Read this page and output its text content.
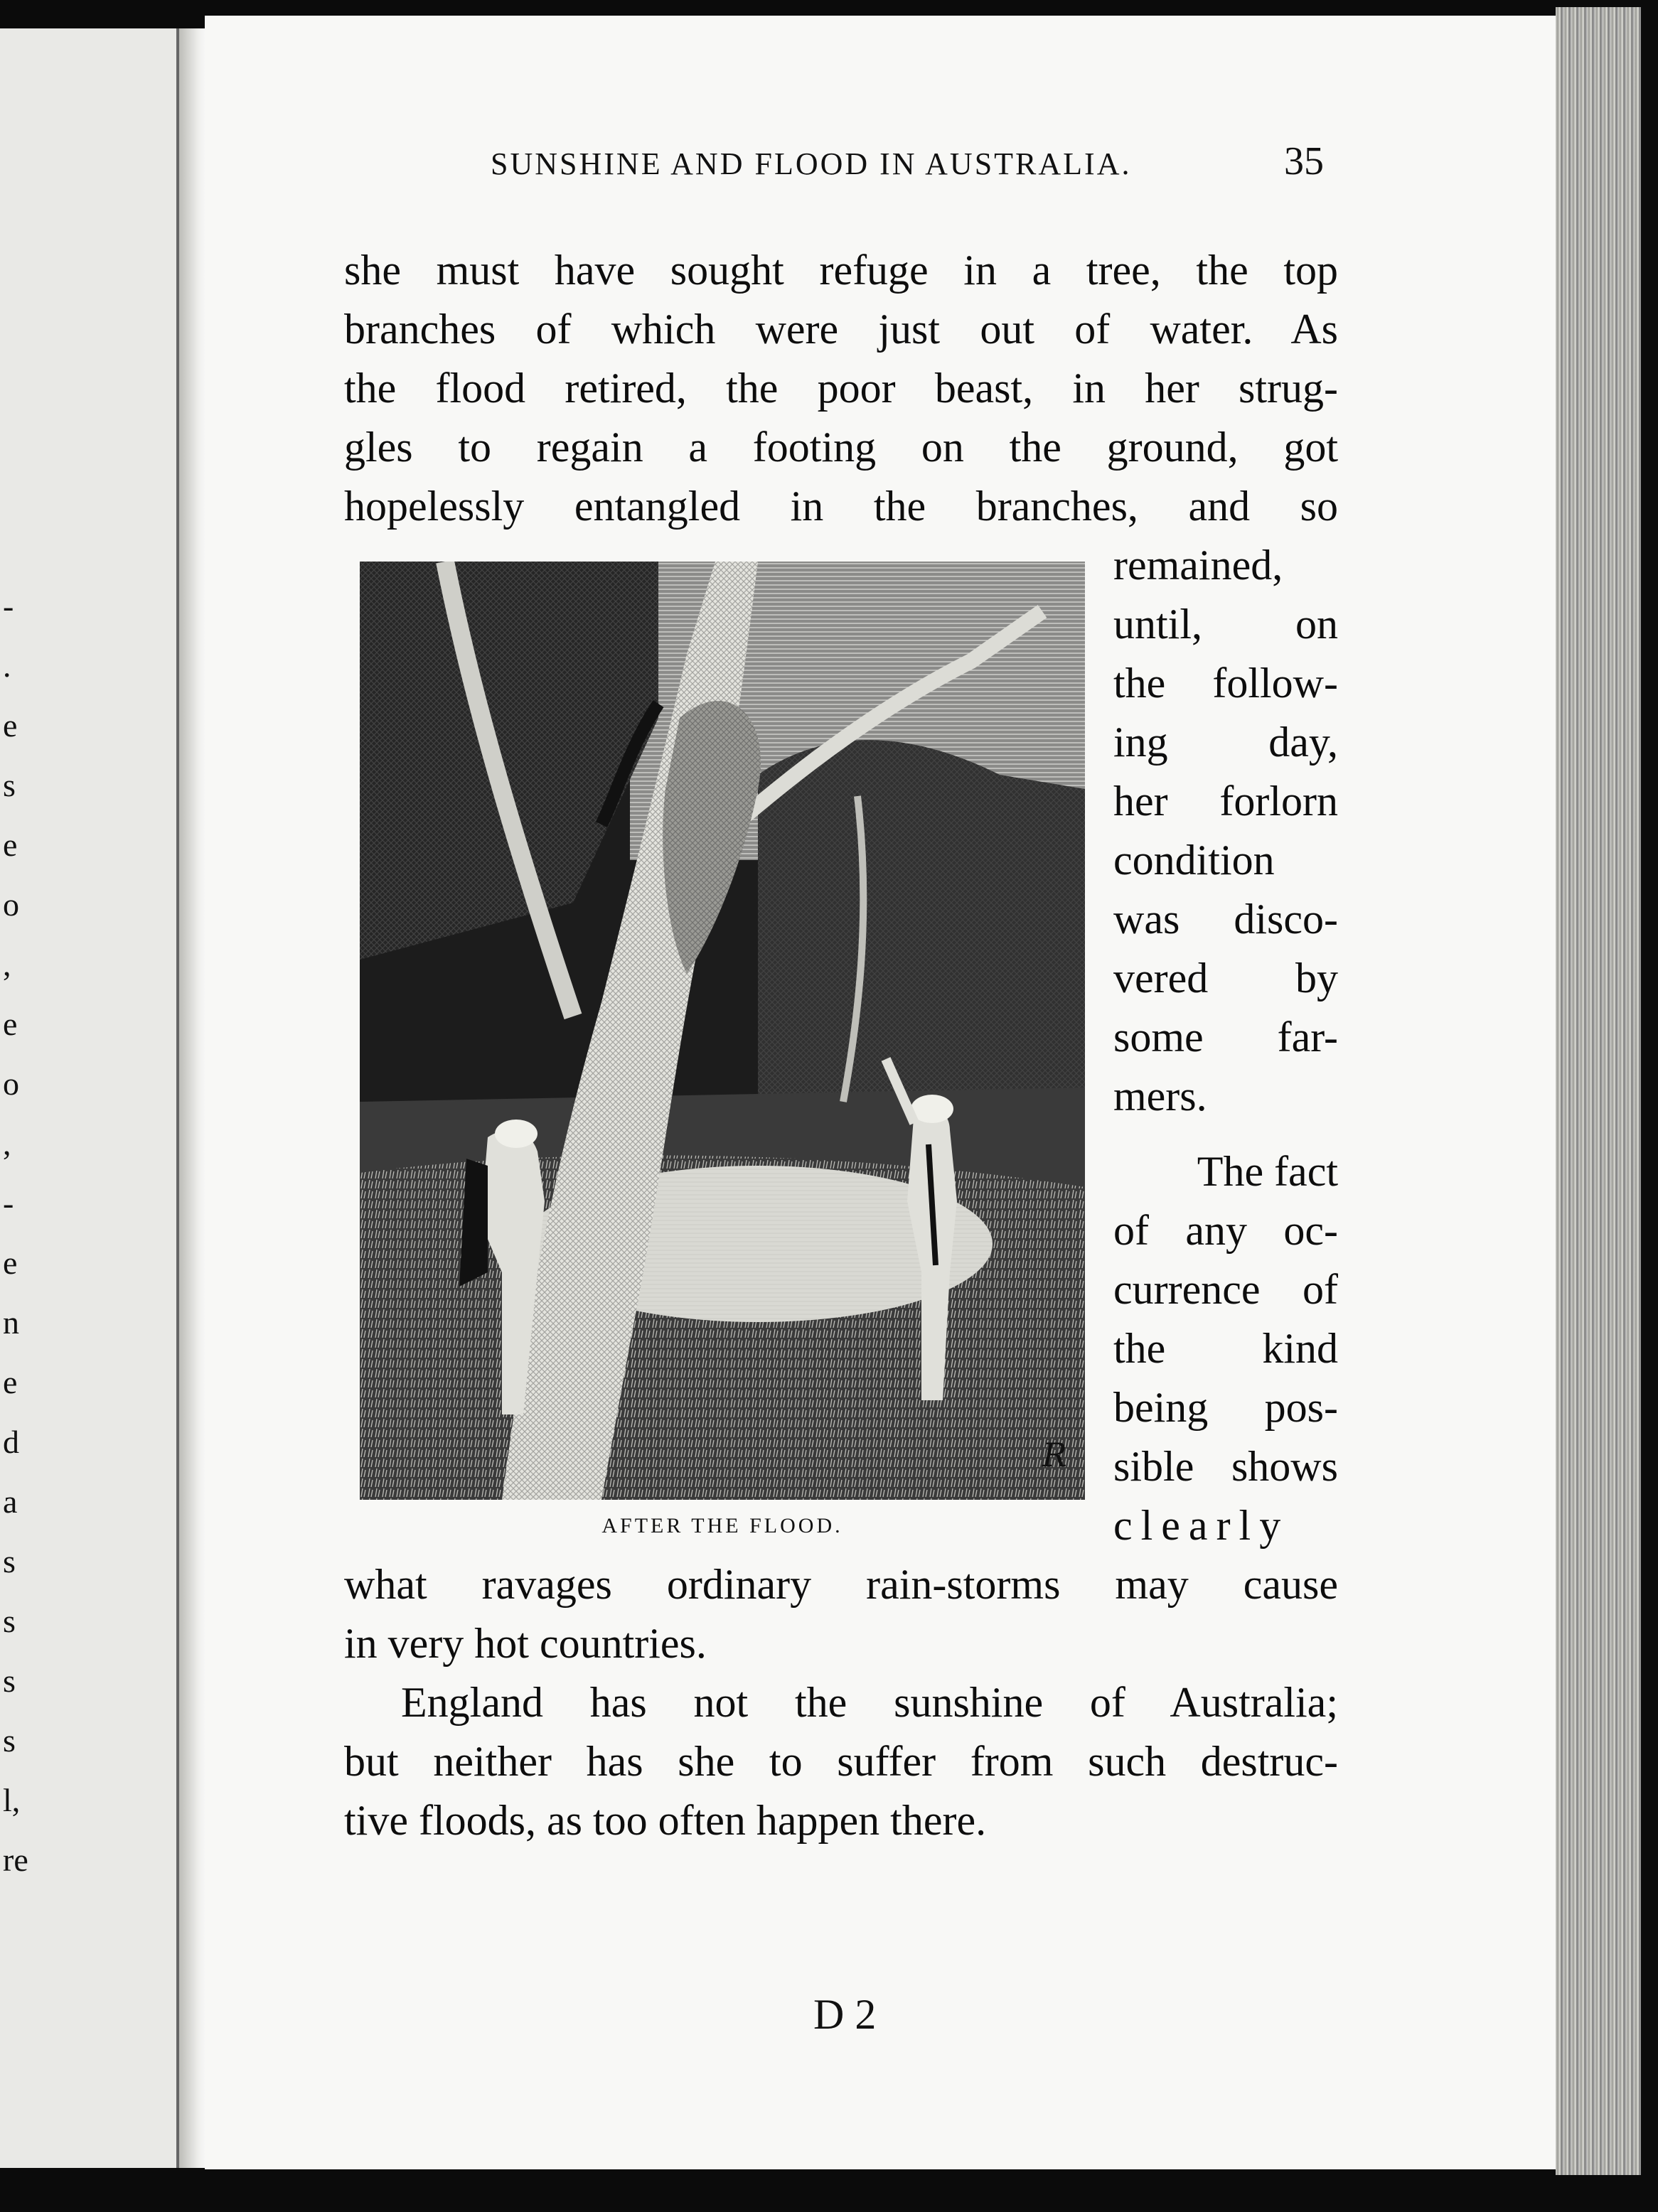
-
.
e
s
e
o
,
e
o
,
-
e
n
e
d
a
s
s
s
s
l,
re
SUNSHINE AND FLOOD IN AUSTRALIA.	35
she must have sought refuge in a tree, the top
branches of which were just out of water. As
the flood retired, the poor beast, in her strug-
gles to regain a footing on the ground, got
hopelessly entangled in the branches, and so
remained,
until, on
the follow-
ing day,
her forlorn
condition
was disco-
vered by
some far-
mers.
The fact
of any oc-
currence of
the kind
being pos-
sible shows
clearly
R
AFTER THE FLOOD.
what ravages ordinary rain-storms may cause
in very hot countries.
England has not the sunshine of Australia;
but neither has she to suffer from such destruc-
tive floods, as too often happen there.
D 2
